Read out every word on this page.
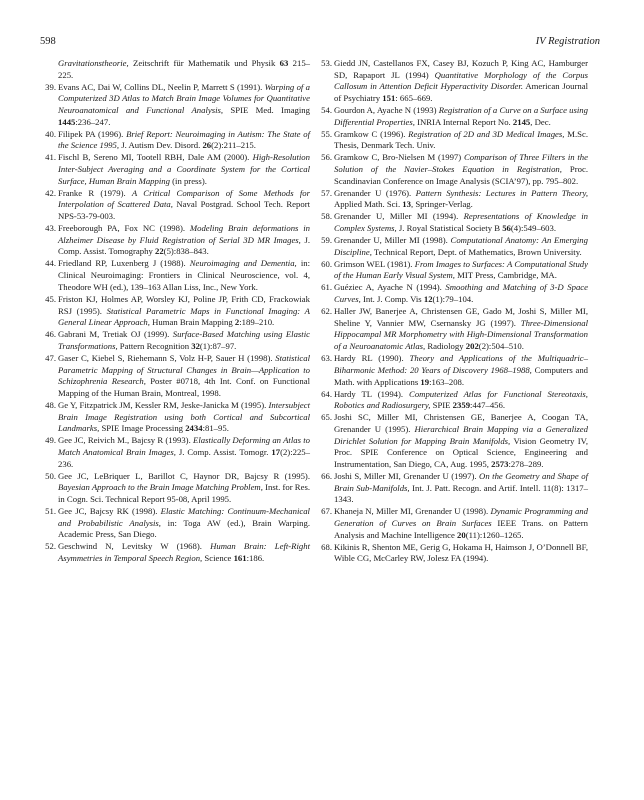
598	IV Registration
Gravitationstheorie, Zeitschrift für Mathematik und Physik 63 215–225.
39. Evans AC, Dai W, Collins DL, Neelin P, Marrett S (1991). Warping of a Computerized 3D Atlas to Match Brain Image Volumes for Quantitative Neuroanatomical and Functional Analysis, SPIE Med. Imaging 1445:236–247.
40. Filipek PA (1996). Brief Report: Neuroimaging in Autism: The State of the Science 1995, J. Autism Dev. Disord. 26(2):211–215.
41. Fischl B, Sereno MI, Tootell RBH, Dale AM (2000). High-Resolution Inter-Subject Averaging and a Coordinate System for the Cortical Surface, Human Brain Mapping (in press).
42. Franke R (1979). A Critical Comparison of Some Methods for Interpolation of Scattered Data, Naval Postgrad. School Tech. Report NPS-53-79-003.
43. Freeborough PA, Fox NC (1998). Modeling Brain deformations in Alzheimer Disease by Fluid Registration of Serial 3D MR Images, J. Comp. Assist. Tomography 22(5):838–843.
44. Friedland RP, Luxenberg J (1988). Neuroimaging and Dementia, in: Clinical Neuroimaging: Frontiers in Clinical Neuroscience, vol. 4, Theodore WH (ed.), 139–163 Allan Liss, Inc., New York.
45. Friston KJ, Holmes AP, Worsley KJ, Poline JP, Frith CD, Frackowiak RSJ (1995). Statistical Parametric Maps in Functional Imaging: A General Linear Approach, Human Brain Mapping 2:189–210.
46. Gabrani M, Tretiak OJ (1999). Surface-Based Matching using Elastic Transformations, Pattern Recognition 32(1):87–97.
47. Gaser C, Kiebel S, Riehemann S, Volz H-P, Sauer H (1998). Statistical Parametric Mapping of Structural Changes in Brain—Application to Schizophrenia Research, Poster #0718, 4th Int. Conf. on Functional Mapping of the Human Brain, Montreal, 1998.
48. Ge Y, Fitzpatrick JM, Kessler RM, Jeske-Janicka M (1995). Intersubject Brain Image Registration using both Cortical and Subcortical Landmarks, SPIE Image Processing 2434:81–95.
49. Gee JC, Reivich M., Bajcsy R (1993). Elastically Deforming an Atlas to Match Anatomical Brain Images, J. Comp. Assist. Tomogr. 17(2):225–236.
50. Gee JC, LeBriquer L, Barillot C, Haynor DR, Bajcsy R (1995). Bayesian Approach to the Brain Image Matching Problem, Inst. for Res. in Cogn. Sci. Technical Report 95-08, April 1995.
51. Gee JC, Bajcsy RK (1998). Elastic Matching: Continuum-Mechanical and Probabilistic Analysis, in: Toga AW (ed.), Brain Warping. Academic Press, San Diego.
52. Geschwind N, Levitsky W (1968). Human Brain: Left-Right Asymmetries in Temporal Speech Region, Science 161:186.
53. Giedd JN, Castellanos FX, Casey BJ, Kozuch P, King AC, Hamburger SD, Rapaport JL (1994) Quantitative Morphology of the Corpus Callosum in Attention Deficit Hyperactivity Disorder. American Journal of Psychiatry 151: 665–669.
54. Gourdon A, Ayache N (1993) Registration of a Curve on a Surface using Differential Properties, INRIA Internal Report No. 2145, Dec.
55. Gramkow C (1996). Registration of 2D and 3D Medical Images, M.Sc. Thesis, Denmark Tech. Univ.
56. Gramkow C, Bro-Nielsen M (1997) Comparison of Three Filters in the Solution of the Navier–Stokes Equation in Registration, Proc. Scandinavian Conference on Image Analysis (SCIA’97), pp. 795–802.
57. Grenander U (1976). Pattern Synthesis: Lectures in Pattern Theory, Applied Math. Sci. 13, Springer-Verlag.
58. Grenander U, Miller MI (1994). Representations of Knowledge in Complex Systems, J. Royal Statistical Society B 56(4):549–603.
59. Grenander U, Miller MI (1998). Computational Anatomy: An Emerging Discipline, Technical Report, Dept. of Mathematics, Brown University.
60. Grimson WEL (1981). From Images to Surfaces: A Computational Study of the Human Early Visual System, MIT Press, Cambridge, MA.
61. Guéziec A, Ayache N (1994). Smoothing and Matching of 3-D Space Curves, Int. J. Comp. Vis 12(1):79–104.
62. Haller JW, Banerjee A, Christensen GE, Gado M, Joshi S, Miller MI, Sheline Y, Vannier MW, Csernansky JG (1997). Three-Dimensional Hippocampal MR Morphometry with High-Dimensional Transformation of a Neuroanatomic Atlas, Radiology 202(2):504–510.
63. Hardy RL (1990). Theory and Applications of the Multiquadric–Biharmonic Method: 20 Years of Discovery 1968–1988, Computers and Math. with Applications 19:163–208.
64. Hardy TL (1994). Computerized Atlas for Functional Stereotaxis, Robotics and Radiosurgery, SPIE 2359:447–456.
65. Joshi SC, Miller MI, Christensen GE, Banerjee A, Coogan TA, Grenander U (1995). Hierarchical Brain Mapping via a Generalized Dirichlet Solution for Mapping Brain Manifolds, Vision Geometry IV, Proc. SPIE Conference on Optical Science, Engineering and Instrumentation, San Diego, CA, Aug. 1995, 2573:278–289.
66. Joshi S, Miller MI, Grenander U (1997). On the Geometry and Shape of Brain Sub-Manifolds, Int. J. Patt. Recogn. and Artif. Intell. 11(8): 1317–1343.
67. Khaneja N, Miller MI, Grenander U (1998). Dynamic Programming and Generation of Curves on Brain Surfaces IEEE Trans. on Pattern Analysis and Machine Intelligence 20(11):1260–1265.
68. Kikinis R, Shenton ME, Gerig G, Hokama H, Haimson J, O’Donnell BF, Wible CG, McCarley RW, Jolesz FA (1994).
